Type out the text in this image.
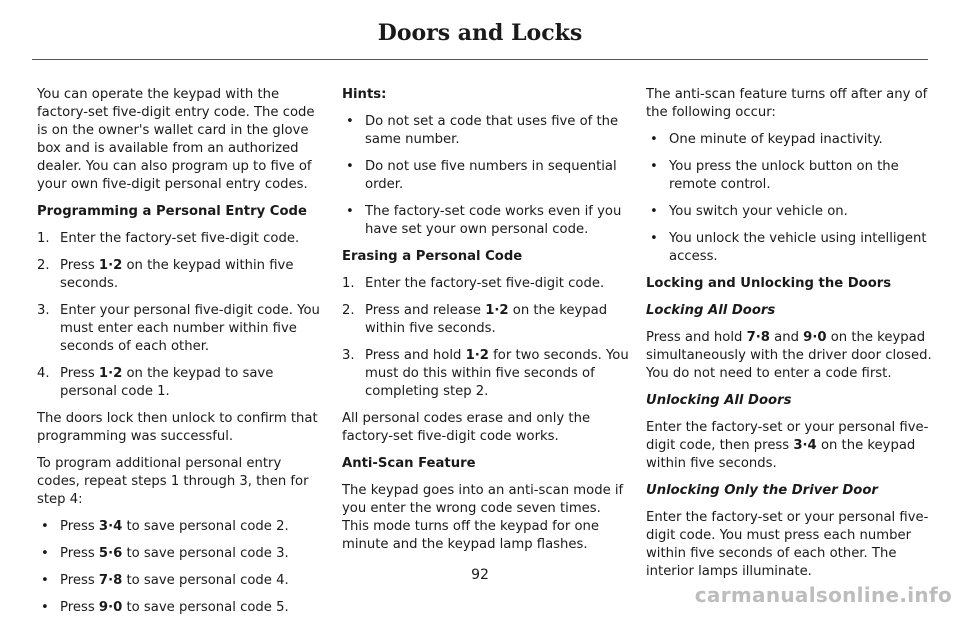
Doors and Locks

You can operate the keypad with the factory-set five-digit entry code. The code is on the owner's wallet card in the glove box and is available from an authorized dealer. You can also program up to five of your own five-digit personal entry codes.

Programming a Personal Entry Code

1. Enter the factory-set five-digit code.
2. Press 1·2 on the keypad within five seconds.
3. Enter your personal five-digit code. You must enter each number within five seconds of each other.
4. Press 1·2 on the keypad to save personal code 1.

The doors lock then unlock to confirm that programming was successful.

To program additional personal entry codes, repeat steps 1 through 3, then for step 4:

• Press 3·4 to save personal code 2.
• Press 5·6 to save personal code 3.
• Press 7·8 to save personal code 4.
• Press 9·0 to save personal code 5.

Hints:

• Do not set a code that uses five of the same number.
• Do not use five numbers in sequential order.
• The factory-set code works even if you have set your own personal code.

Erasing a Personal Code

1. Enter the factory-set five-digit code.
2. Press and release 1·2 on the keypad within five seconds.
3. Press and hold 1·2 for two seconds. You must do this within five seconds of completing step 2.

All personal codes erase and only the factory-set five-digit code works.

Anti-Scan Feature

The keypad goes into an anti-scan mode if you enter the wrong code seven times. This mode turns off the keypad for one minute and the keypad lamp flashes.

The anti-scan feature turns off after any of the following occur:

• One minute of keypad inactivity.
• You press the unlock button on the remote control.
• You switch your vehicle on.
• You unlock the vehicle using intelligent access.

Locking and Unlocking the Doors

Locking All Doors

Press and hold 7·8 and 9·0 on the keypad simultaneously with the driver door closed. You do not need to enter a code first.

Unlocking All Doors

Enter the factory-set or your personal five-digit code, then press 3·4 on the keypad within five seconds.

Unlocking Only the Driver Door

Enter the factory-set or your personal five-digit code. You must press each number within five seconds of each other. The interior lamps illuminate.

92
carmanualsonline.info
